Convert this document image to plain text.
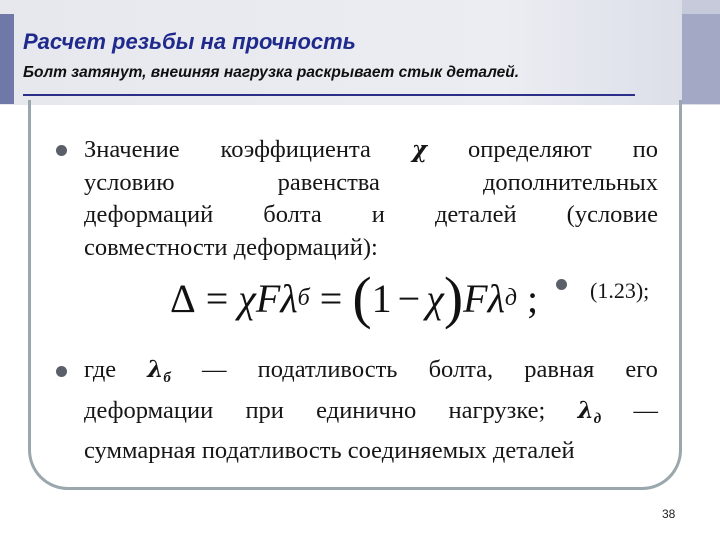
Расчет резьбы на прочность

Болт затянут, внешняя нагрузка раскрывает стык деталей.

Значение коэффициента χ определяют по
условию	равенства	дополнительных
деформаций болта и деталей (условие
совместности деформаций):
Δ = χ F λ б = ( 1 − χ ) F λ д ; (1.23);
где $\lambda_б$ — податливость болта, равная его
деформации при единично нагрузке; $\lambda_д$ —
суммарная податливость соединяемых деталей
38
